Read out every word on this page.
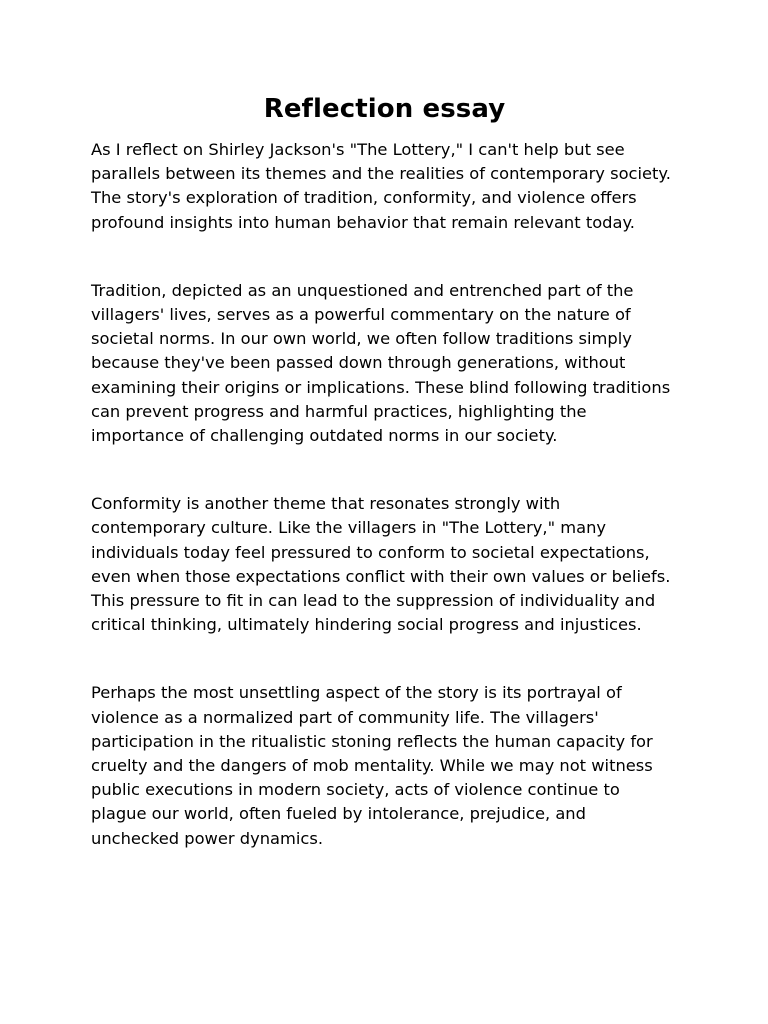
Reflection essay

As I reflect on Shirley Jackson's "The Lottery," I can't help but see parallels between its themes and the realities of contemporary society. The story's exploration of tradition, conformity, and violence offers profound insights into human behavior that remain relevant today.

Tradition, depicted as an unquestioned and entrenched part of the villagers' lives, serves as a powerful commentary on the nature of societal norms. In our own world, we often follow traditions simply because they've been passed down through generations, without examining their origins or implications. These blind following traditions can prevent progress and harmful practices, highlighting the importance of challenging outdated norms in our society.

Conformity is another theme that resonates strongly with contemporary culture. Like the villagers in "The Lottery," many individuals today feel pressured to conform to societal expectations, even when those expectations conflict with their own values or beliefs. This pressure to fit in can lead to the suppression of individuality and critical thinking, ultimately hindering social progress and injustices.

Perhaps the most unsettling aspect of the story is its portrayal of violence as a normalized part of community life. The villagers' participation in the ritualistic stoning reflects the human capacity for cruelty and the dangers of mob mentality. While we may not witness public executions in modern society, acts of violence continue to plague our world, often fueled by intolerance, prejudice, and unchecked power dynamics.
